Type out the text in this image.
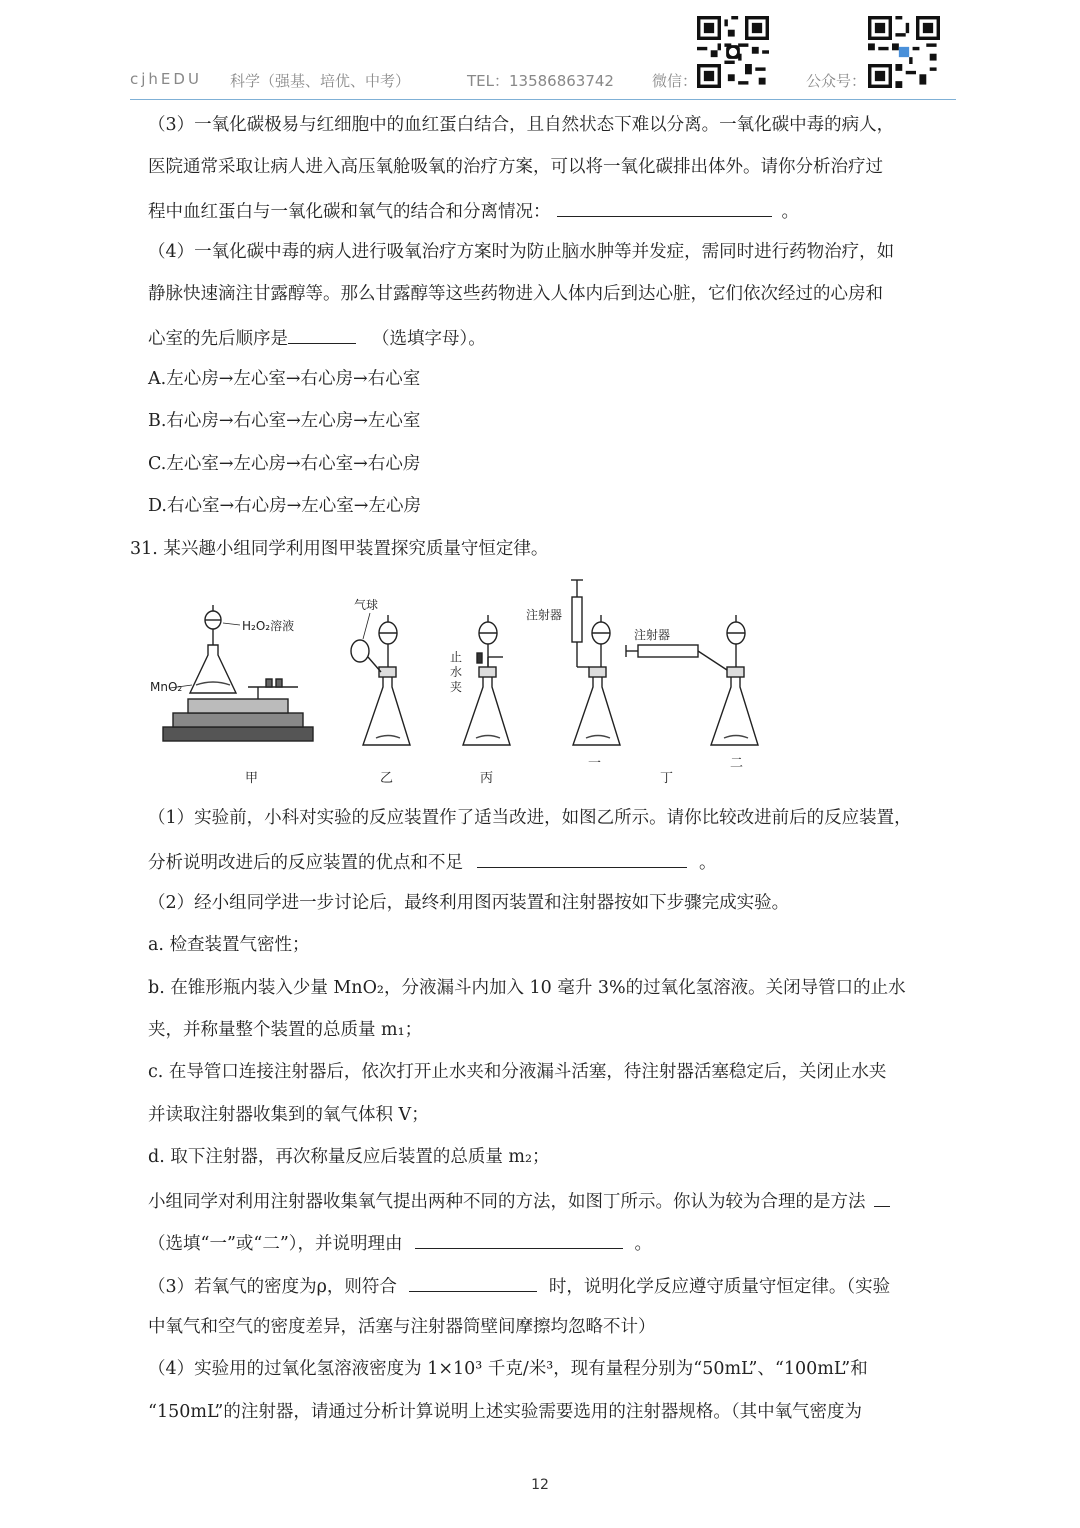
cjhEDU 科学（强基、培优、中考）	TEL：13586863742	微信：	公众号：
（3）一氧化碳极易与红细胞中的血红蛋白结合，且自然状态下难以分离。一氧化碳中毒的病人，
医院通常采取让病人进入高压氧舱吸氧的治疗方案，可以将一氧化碳排出体外。请你分析治疗过
程中血红蛋白与一氧化碳和氧气的结合和分离情况：	。
（4）一氧化碳中毒的病人进行吸氧治疗方案时为防止脑水肿等并发症，需同时进行药物治疗，如
静脉快速滴注甘露醇等。那么甘露醇等这些药物进入人体内后到达心脏，它们依次经过的心房和
心室的先后顺序是	（选填字母）。
A.左心房→左心室→右心房→右心室
B.右心房→右心室→左心房→左心室
C.左心室→左心房→右心室→右心房
D.右心室→右心房→左心室→左心房
31. 某兴趣小组同学利用图甲装置探究质量守恒定律。
H₂O₂溶液
MnO₂
气球
止
水
夹
注射器
注射器
甲	乙	丙
一
丁
二
（1）实验前，小科对实验的反应装置作了适当改进，如图乙所示。请你比较改进前后的反应装置，
分析说明改进后的反应装置的优点和不足	。
（2）经小组同学进一步讨论后，最终利用图丙装置和注射器按如下步骤完成实验。
a. 检查装置气密性；
b. 在锥形瓶内装入少量 MnO₂，分液漏斗内加入 10 毫升 3%的过氧化氢溶液。关闭导管口的止水
夹，并称量整个装置的总质量 m₁；
c. 在导管口连接注射器后，依次打开止水夹和分液漏斗活塞，待注射器活塞稳定后，关闭止水夹
并读取注射器收集到的氧气体积 V；
d. 取下注射器，再次称量反应后装置的总质量 m₂；
小组同学对利用注射器收集氧气提出两种不同的方法，如图丁所示。你认为较为合理的是方法
（选填“一”或“二”），并说明理由	。
（3）若氧气的密度为ρ，则符合	时，说明化学反应遵守质量守恒定律。（实验
中氧气和空气的密度差异，活塞与注射器筒壁间摩擦均忽略不计）
（4）实验用的过氧化氢溶液密度为 1×10³ 千克/米³，现有量程分别为“50mL”、“100mL”和
“150mL”的注射器，请通过分析计算说明上述实验需要选用的注射器规格。（其中氧气密度为
12
